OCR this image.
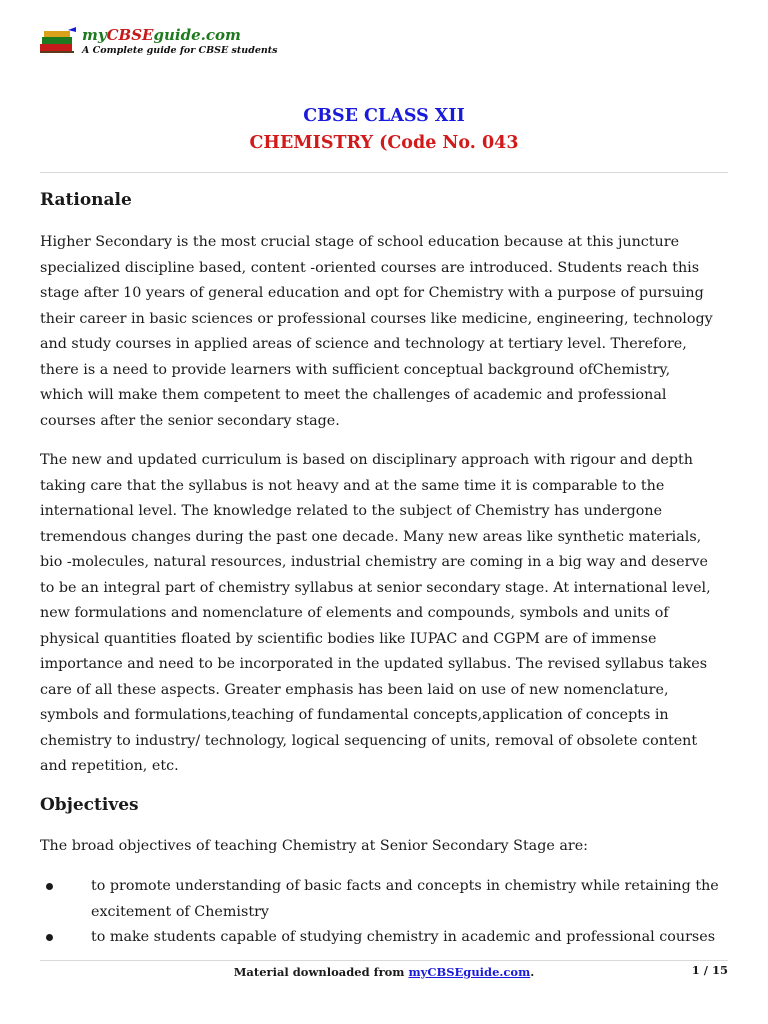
myCBSEguide.com
A Complete guide for CBSE students
CBSE CLASS XII
CHEMISTRY (Code No. 043
Rationale
Higher Secondary is the most crucial stage of school education because at this juncture
specialized discipline based, content -oriented courses are introduced. Students reach this
stage after 10 years of general education and opt for Chemistry with a purpose of pursuing
their career in basic sciences or professional courses like medicine, engineering, technology
and study courses in applied areas of science and technology at tertiary level. Therefore,
there is a need to provide learners with sufficient conceptual background ofChemistry,
which will make them competent to meet the challenges of academic and professional
courses after the senior secondary stage.
The new and updated curriculum is based on disciplinary approach with rigour and depth
taking care that the syllabus is not heavy and at the same time it is comparable to the
international level. The knowledge related to the subject of Chemistry has undergone
tremendous changes during the past one decade. Many new areas like synthetic materials,
bio -molecules, natural resources, industrial chemistry are coming in a big way and deserve
to be an integral part of chemistry syllabus at senior secondary stage. At international level,
new formulations and nomenclature of elements and compounds, symbols and units of
physical quantities floated by scientific bodies like IUPAC and CGPM are of immense
importance and need to be incorporated in the updated syllabus. The revised syllabus takes
care of all these aspects. Greater emphasis has been laid on use of new nomenclature,
symbols and formulations,teaching of fundamental concepts,application of concepts in
chemistry to industry/ technology, logical sequencing of units, removal of obsolete content
and repetition, etc.
Objectives
The broad objectives of teaching Chemistry at Senior Secondary Stage are:
to promote understanding of basic facts and concepts in chemistry while retaining the
excitement of Chemistry
to make students capable of studying chemistry in academic and professional courses
Material downloaded from myCBSEguide.com.	1 / 15
